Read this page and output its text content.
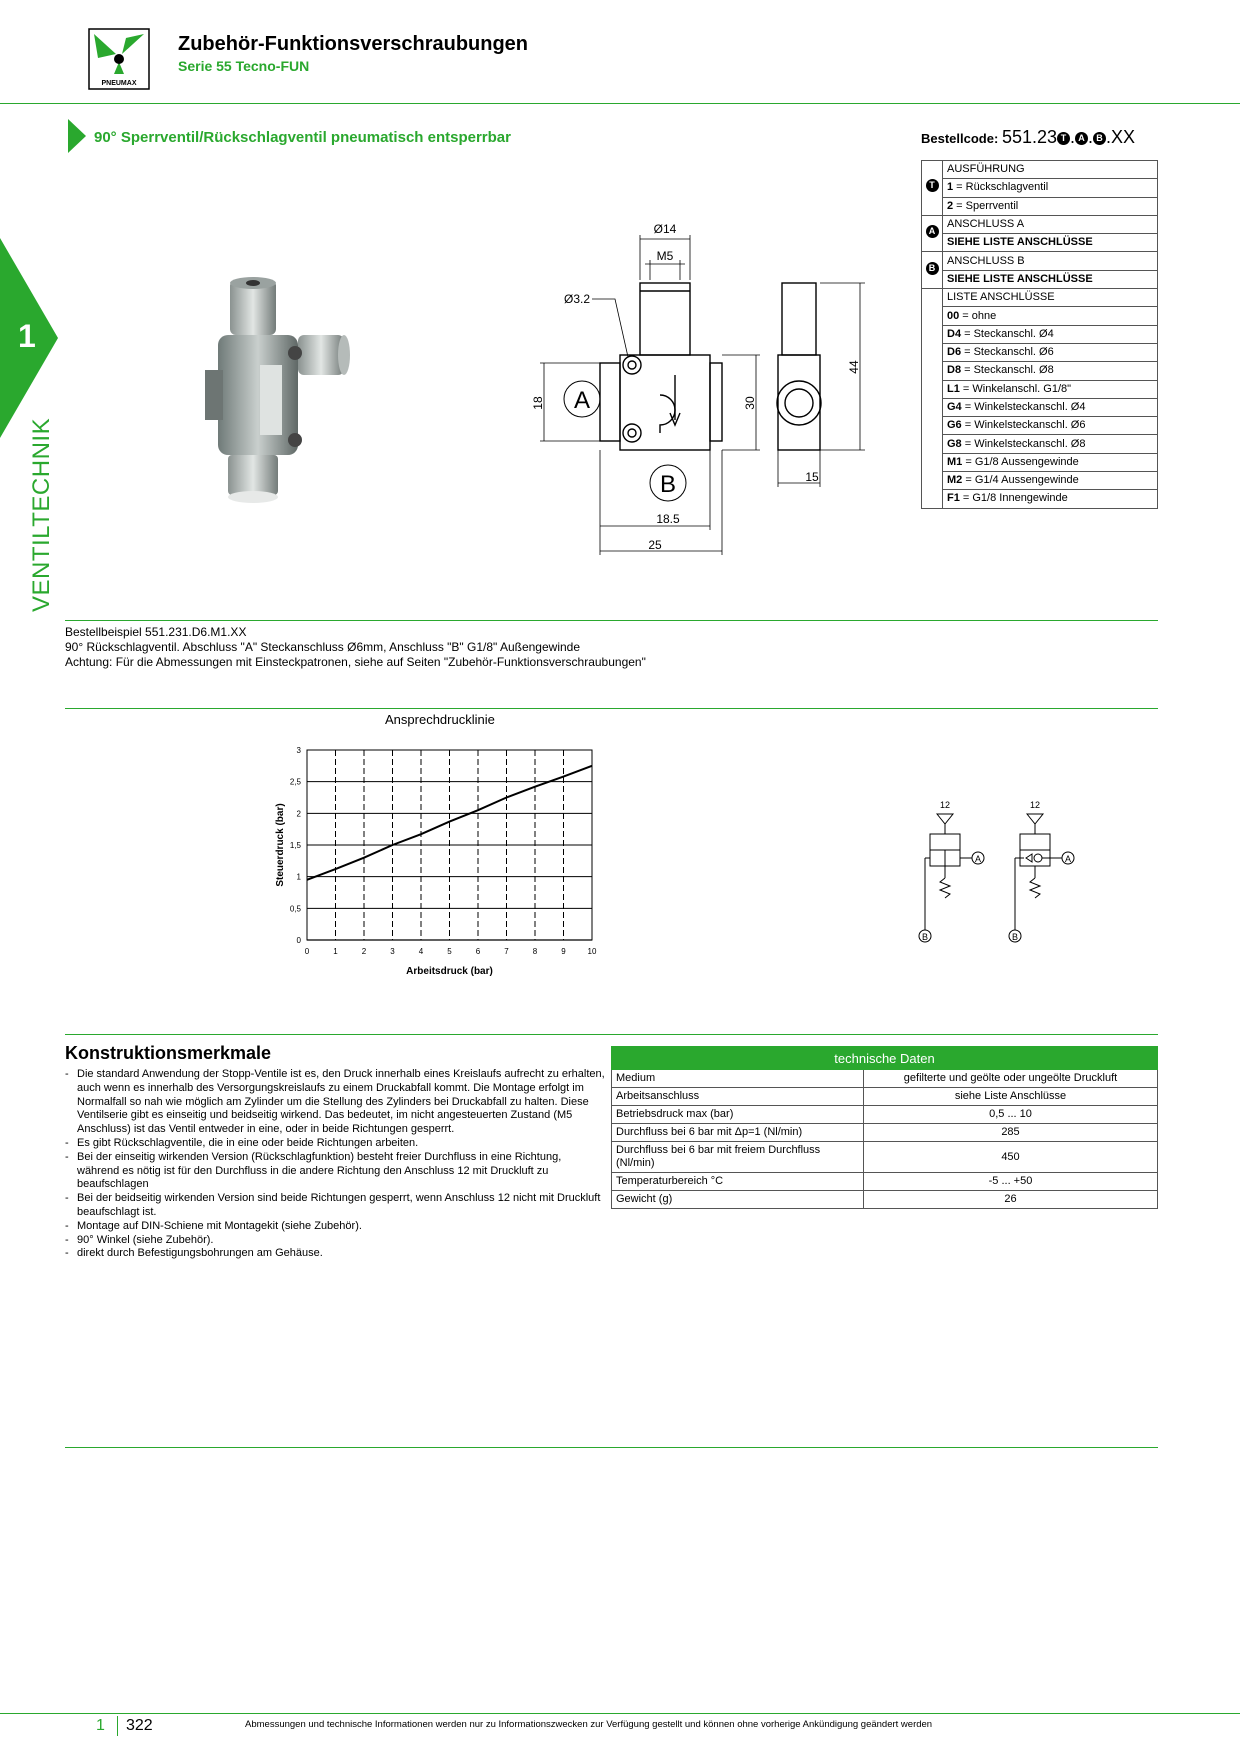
PNEUMAX
Zubehör-Funktionsverschraubungen
Serie 55 Tecno-FUN
1
VENTILTECHNIK
90° Sperrventil/Rückschlagventil pneumatisch entsperrbar	Bestellcode: 551.23 T . A . B .XX
T	AUSFÜHRUNG
	1 = Rückschlagventil
	2 = Sperrventil
A	ANSCHLUSS A
	SIEHE LISTE ANSCHLÜSSE
B	ANSCHLUSS B
	SIEHE LISTE ANSCHLÜSSE
	LISTE ANSCHLÜSSE
	00 = ohne
	D4 = Steckanschl. Ø4
	D6 = Steckanschl. Ø6
	D8 = Steckanschl. Ø8
	L1 = Winkelanschl. G1/8"
	G4 = Winkelsteckanschl. Ø4
	G6 = Winkelsteckanschl. Ø6
	G8 = Winkelsteckanschl. Ø8
	M1 = G1/8 Aussengewinde
	M2 = G1/4 Aussengewinde
	F1 = G1/8 Innengewinde
Ø14
M5
Ø3.2
18	30
44
15
18.5
25
A
B
Bestellbeispiel 551.231.D6.M1.XX
90° Rückschlagventil. Abschluss "A" Steckanschluss Ø6mm, Anschluss "B" G1/8" Außengewinde
Achtung: Für die Abmessungen mit Einsteckpatronen, siehe auf Seiten "Zubehör-Funktionsverschraubungen"
Ansprechdrucklinie
0
0,5
1
1,5
2
2,5
3
0	1	2	3	4	5	6	7	8	9	10
Arbeitsdruck (bar)
Steuerdruck (bar)	12	12
A	A
B	B
Konstruktionsmerkmale
- Die standard Anwendung der Stopp-Ventile ist es, den Druck innerhalb eines Kreislaufs aufrecht zu erhalten, auch wenn es innerhalb des Versorgungskreislaufs zu einem Druckabfall kommt. Die Montage erfolgt im Normalfall so nah wie möglich am Zylinder um die Stellung des Zylinders bei Druckabfall zu halten. Diese Ventilserie gibt es einseitig und beidseitig wirkend. Das bedeutet, im nicht angesteuerten Zustand (M5 Anschluss) ist das Ventil entweder in eine, oder in beide Richtungen gesperrt.
- Es gibt Rückschlagventile, die in eine oder beide Richtungen arbeiten.
- Bei der einseitig wirkenden Version (Rückschlagfunktion) besteht freier Durchfluss in eine Richtung, während es nötig ist für den Durchfluss in die andere Richtung den Anschluss 12 mit Druckluft zu beaufschlagen
- Bei der beidseitig wirkenden Version sind beide Richtungen gesperrt, wenn Anschluss 12 nicht mit Druckluft beaufschlagt ist.
- Montage auf DIN-Schiene mit Montagekit (siehe Zubehör).
- 90° Winkel (siehe Zubehör).
- direkt durch Befestigungsbohrungen am Gehäuse.
technische Daten	
Medium	gefilterte und geölte oder ungeölte Druckluft
Arbeitsanschluss	siehe Liste Anschlüsse
Betriebsdruck max (bar)	0,5 ... 10
Durchfluss bei 6 bar mit Δp=1 (Nl/min)	285
Durchfluss bei 6 bar mit freiem Durchfluss (Nl/min)	450
Temperaturbereich °C	-5 ... +50
Gewicht (g)	26
1 322	Abmessungen und technische Informationen werden nur zu Informationszwecken zur Verfügung gestellt und können ohne vorherige Ankündigung geändert werden
